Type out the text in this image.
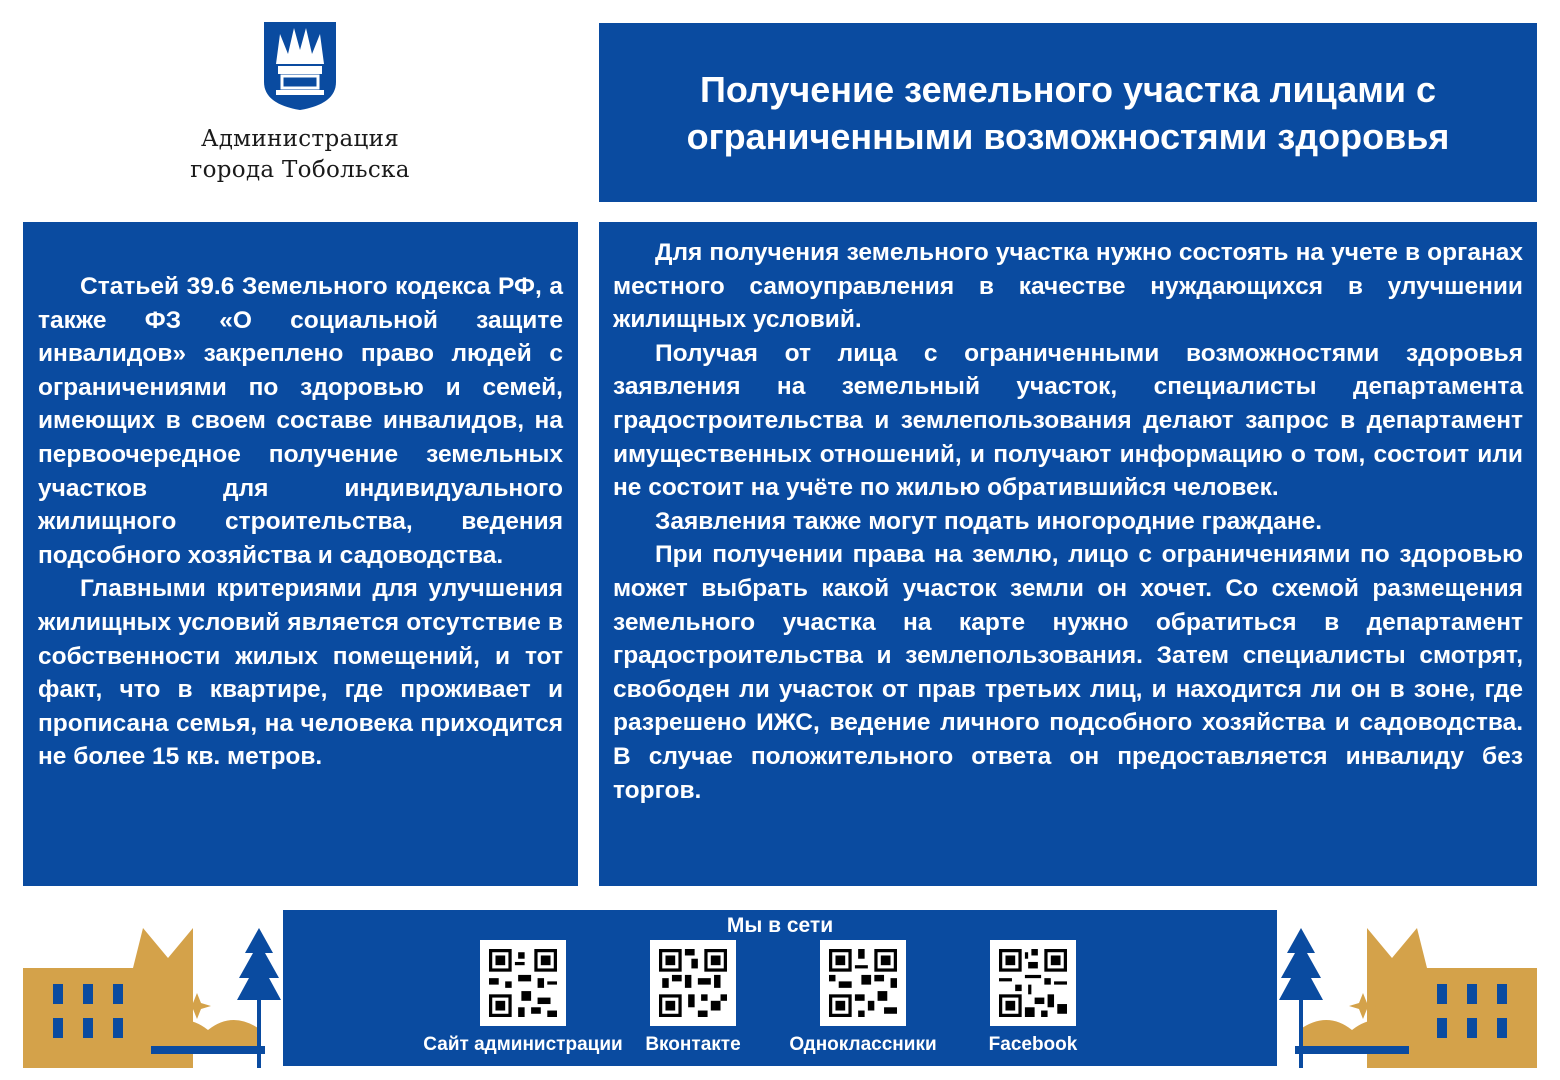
Администрация
города Тобольска
Получение земельного участка лицами с ограниченными возможностями здоровья

Статьей 39.6 Земельного кодекса РФ, а также ФЗ «О социальной защите инвалидов» закреплено право людей с ограничениями по здоровью и семей, имеющих в своем составе инвалидов, на первоочередное получение земельных участков для индивидуального жилищного строительства, ведения подсобного хозяйства и садоводства.

Главными критериями для улучшения жилищных условий является отсутствие в собственности жилых помещений, и тот факт, что в квартире, где проживает и прописана семья, на человека приходится не более 15 кв. метров.

Для получения земельного участка нужно состоять на учете в органах местного самоуправления в качестве нуждающихся в улучшении жилищных условий.

Получая от лица с ограниченными возможностями здоровья заявления на земельный участок, специалисты департамента градостроительства и землепользования делают запрос в департамент имущественных отношений, и получают информацию о том, состоит или не состоит на учёте по жилью обратившийся человек.

Заявления также могут подать иногородние граждане.

При получении права на землю, лицо с ограничениями по здоровью может выбрать какой участок земли он хочет. Со схемой размещения земельного участка на карте нужно обратиться в департамент градостроительства и землепользования. Затем специалисты смотрят, свободен ли участок от прав третьих лиц, и находится ли он в зоне, где разрешено ИЖС, ведение личного подсобного хозяйства и садоводства. В случае положительного ответа он предоставляется инвалиду без торгов.

Мы в сети
Сайт администрации	Вконтакте	Одноклассники	Facebook
